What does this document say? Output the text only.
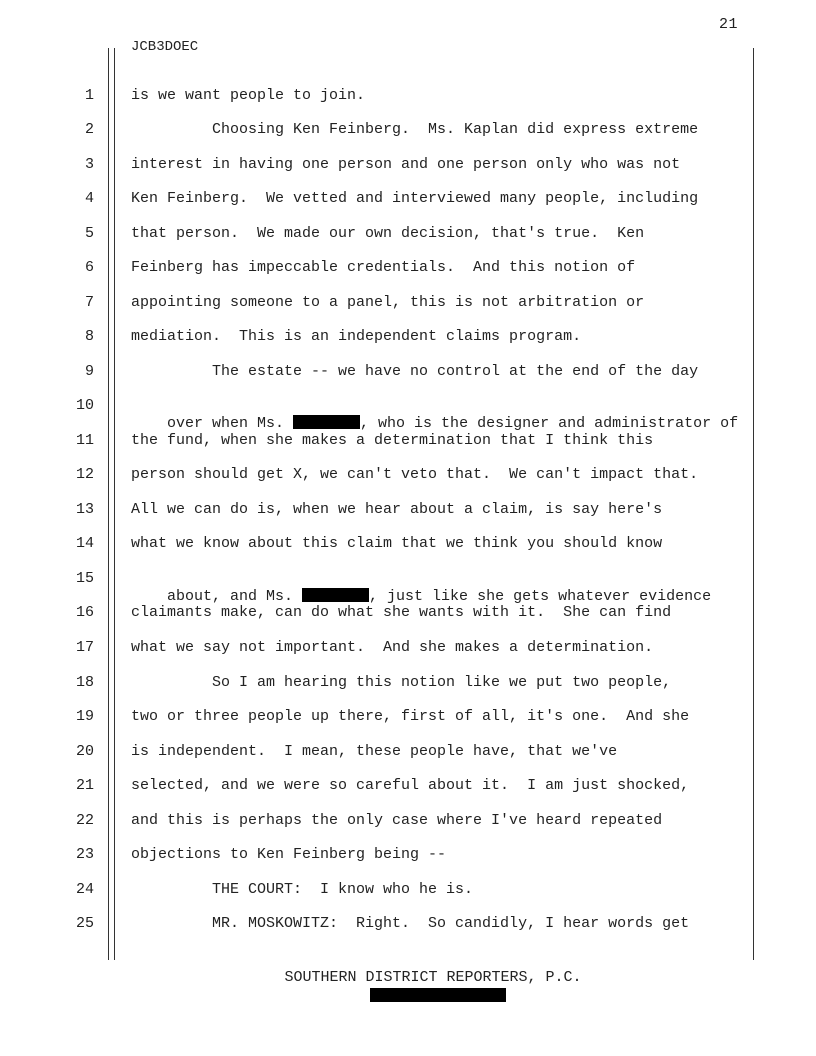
21
JCB3DOEC
1
2
3
4
5
6
7
8
9
10
11
12
13
14
15
16
17
18
19
20
21
22
23
24
25
is we want people to join.
Choosing Ken Feinberg.  Ms. Kaplan did express extreme
interest in having one person and one person only who was not
Ken Feinberg.  We vetted and interviewed many people, including
that person.  We made our own decision, that's true.  Ken
Feinberg has impeccable credentials.  And this notion of
appointing someone to a panel, this is not arbitration or
mediation.  This is an independent claims program.
The estate -- we have no control at the end of the day

over when Ms.	, who is the designer and administrator of

the fund, when she makes a determination that I think this
person should get X, we can't veto that.  We can't impact that.
All we can do is, when we hear about a claim, is say here's
what we know about this claim that we think you should know

about, and Ms.	, just like she gets whatever evidence

claimants make, can do what she wants with it.  She can find
what we say not important.  And she makes a determination.
So I am hearing this notion like we put two people,
two or three people up there, first of all, it's one.  And she
is independent.  I mean, these people have, that we've
selected, and we were so careful about it.  I am just shocked,
and this is perhaps the only case where I've heard repeated
objections to Ken Feinberg being --
THE COURT:  I know who he is.
MR. MOSKOWITZ:  Right.  So candidly, I hear words get
SOUTHERN DISTRICT REPORTERS, P.C.
